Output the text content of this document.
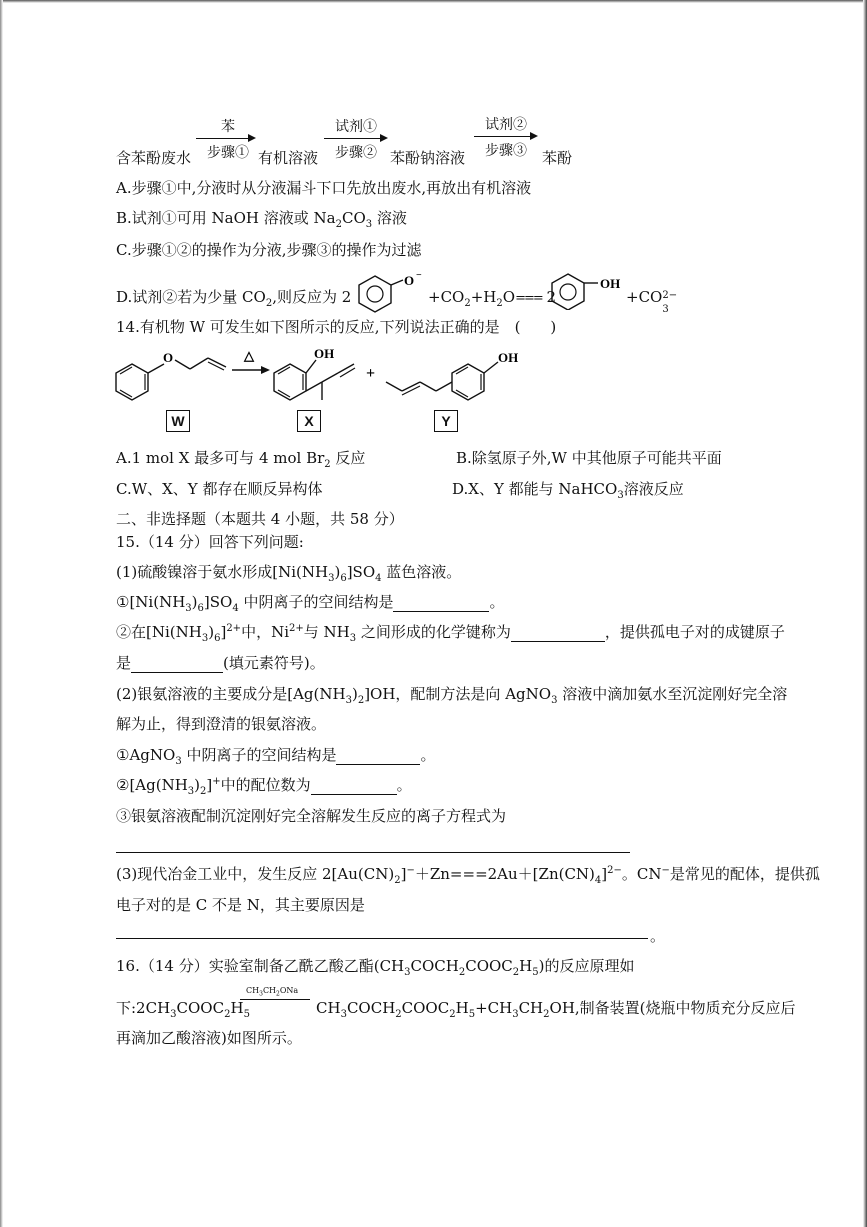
含苯酚废水
苯
步骤① 有机溶液
试剂①
步骤② 苯酚钠溶液
试剂②
步骤③	苯酚
A.步骤①中,分液时从分液漏斗下口先放出废水,再放出有机溶液
B.试剂①可用 NaOH 溶液或 $Na_2CO_3$ 溶液
C.步骤①②的操作为分液,步骤③的操作为过滤
D.试剂②若为少量 $CO_2$,则反应为 2
O −
$+CO_2+H_2O=== 2$
OH
+CO 2−
3
14.有机物 W 可发生如下图所示的反应,下列说法正确的是　(　　)
O	△	OH
+
OH
W	X	Y
A.1 mol X 最多可与 4 mol $Br_2$ 反应	B.除氢原子外,W 中其他原子可能共平面
C.W、X、Y 都存在顺反异构体	D.X、Y 都能与 NaHCO$_3$溶液反应
二、非选择题（本题共 4 小题，共 58 分）
15.（14 分）回答下列问题:
(1)硫酸镍溶于氨水形成$[Ni(NH_3)_6]SO_4$ 蓝色溶液。
$①[Ni(NH_3)_6]SO_4$ 中阴离子的空间结构是	。
②在$[Ni(NH_3)_6]^{2+}$中，$Ni^{2+}$与 $NH_3$ 之间形成的化学键称为	，提供孤电子对的成键原子
是	(填元素符号)。
(2)银氨溶液的主要成分是$[Ag(NH_3)_2]OH$，配制方法是向 AgNO$_3$ 溶液中滴加氨水至沉淀刚好完全溶
解为止，得到澄清的银氨溶液。
①AgNO$_3$ 中阴离子的空间结构是	。
$②[Ag(NH_3)_2]^+$中的配位数为	。
③银氨溶液配制沉淀刚好完全溶解发生反应的离子方程式为
(3)现代冶金工业中，发生反应 $2[Au(CN)_2]^-+Zn===2Au+[Zn(CN)_4]^{2-}$。CN−是常见的配体，提供孤
电子对的是 C 不是 N，其主要原因是
。
16.（14 分）实验室制备乙酰乙酸乙酯$(CH_3COCH_2COOC_2H_5)$的反应原理如
$CH_3CH_2ONa$
下$:2CH_3COOC_2H_5$	$CH_3COCH_2COOC_2H_5+CH_3CH_2OH$,制备装置(烧瓶中物质充分反应后
再滴加乙酸溶液)如图所示。
